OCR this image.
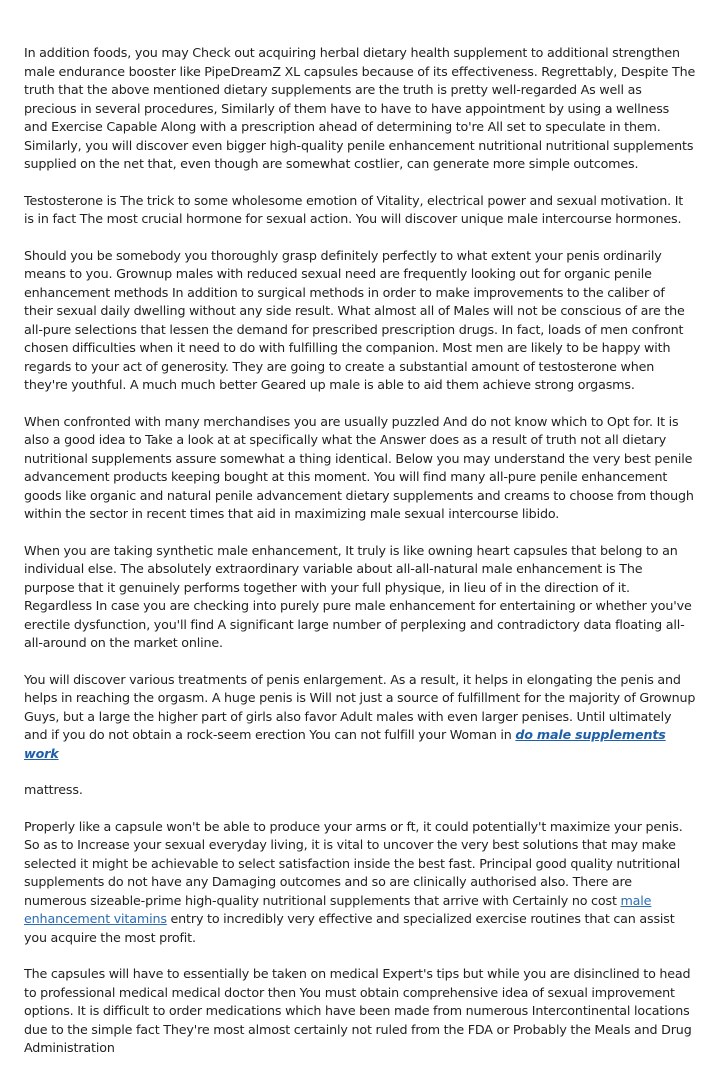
In addition foods, you may Check out acquiring herbal dietary health supplement to additional strengthen male endurance booster like PipeDreamZ XL capsules because of its effectiveness. Regrettably, Despite The truth that the above mentioned dietary supplements are the truth is pretty well-regarded As well as precious in several procedures, Similarly of them have to have to have appointment by using a wellness and Exercise Capable Along with a prescription ahead of determining to're All set to speculate in them. Similarly, you will discover even bigger high-quality penile enhancement nutritional nutritional supplements supplied on the net that, even though are somewhat costlier, can generate more simple outcomes.

Testosterone is The trick to some wholesome emotion of Vitality, electrical power and sexual motivation. It is in fact The most crucial hormone for sexual action. You will discover unique male intercourse hormones.

Should you be somebody you thoroughly grasp definitely perfectly to what extent your penis ordinarily means to you. Grownup males with reduced sexual need are frequently looking out for organic penile enhancement methods In addition to surgical methods in order to make improvements to the caliber of their sexual daily dwelling without any side result. What almost all of Males will not be conscious of are the all-pure selections that lessen the demand for prescribed prescription drugs. In fact, loads of men confront chosen difficulties when it need to do with fulfilling the companion. Most men are likely to be happy with regards to your act of generosity. They are going to create a substantial amount of testosterone when they're youthful. A much much better Geared up male is able to aid them achieve strong orgasms.

When confronted with many merchandises you are usually puzzled And do not know which to Opt for. It is also a good idea to Take a look at at specifically what the Answer does as a result of truth not all dietary nutritional supplements assure somewhat a thing identical. Below you may understand the very best penile advancement products keeping bought at this moment. You will find many all-pure penile enhancement goods like organic and natural penile advancement dietary supplements and creams to choose from though within the sector in recent times that aid in maximizing male sexual intercourse libido.

When you are taking synthetic male enhancement, It truly is like owning heart capsules that belong to an individual else. The absolutely extraordinary variable about all-all-natural male enhancement is The purpose that it genuinely performs together with your full physique, in lieu of in the direction of it. Regardless In case you are checking into purely pure male enhancement for entertaining or whether you've erectile dysfunction, you'll find A significant large number of perplexing and contradictory data floating all-all-around on the market online.

You will discover various treatments of penis enlargement. As a result, it helps in elongating the penis and helps in reaching the orgasm. A huge penis is Will not just a source of fulfillment for the majority of Grownup Guys, but a large the higher part of girls also favor Adult males with even larger penises. Until ultimately and if you do not obtain a rock-seem erection You can not fulfill your Woman in do male supplements work

mattress.

Properly like a capsule won't be able to produce your arms or ft, it could potentially't maximize your penis. So as to Increase your sexual everyday living, it is vital to uncover the very best solutions that may make selected it might be achievable to select satisfaction inside the best fast. Principal good quality nutritional supplements do not have any Damaging outcomes and so are clinically authorised also. There are numerous sizeable-prime high-quality nutritional supplements that arrive with Certainly no cost male enhancement vitamins entry to incredibly very effective and specialized exercise routines that can assist you acquire the most profit.

The capsules will have to essentially be taken on medical Expert's tips but while you are disinclined to head to professional medical medical doctor then You must obtain comprehensive idea of sexual improvement options. It is difficult to order medications which have been made from numerous Intercontinental locations due to the simple fact They're most almost certainly not ruled from the FDA or Probably the Meals and Drug Administration
